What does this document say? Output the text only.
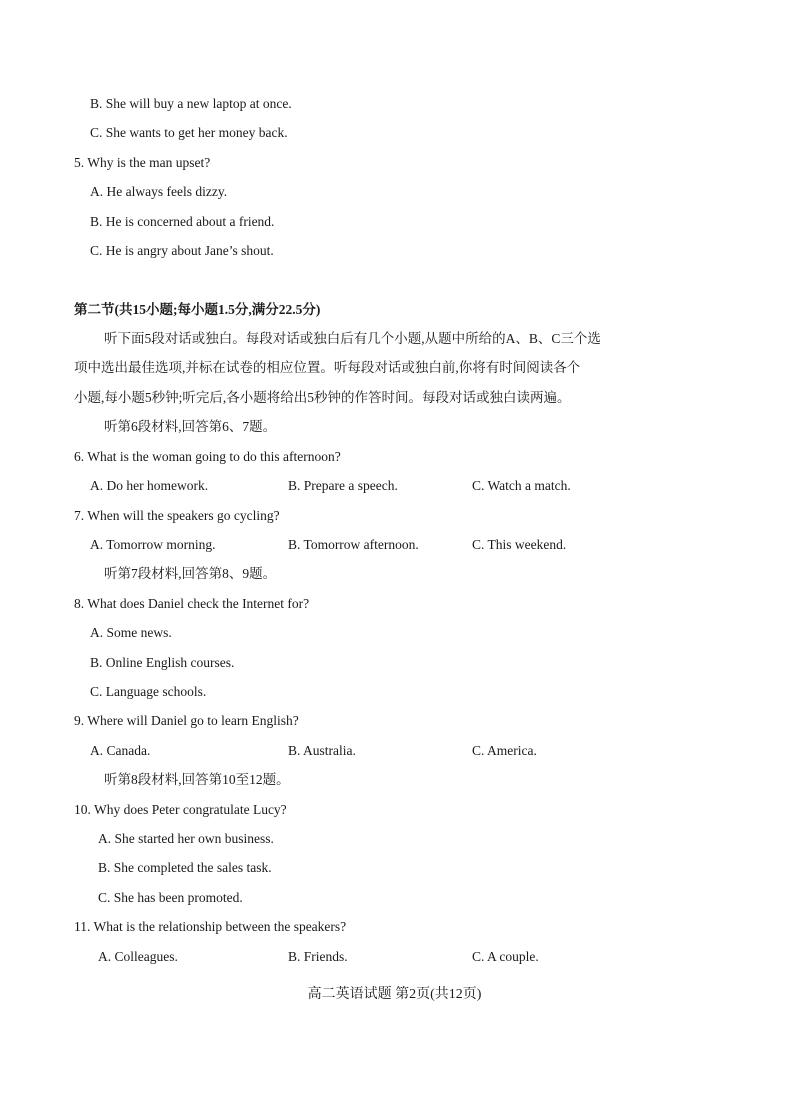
B. She will buy a new laptop at once.
C. She wants to get her money back.
5. Why is the man upset?
A. He always feels dizzy.
B. He is concerned about a friend.
C. He is angry about Jane’s shout.
第二节(共15小题;每小题1.5分,满分22.5分)
听下面5段对话或独白。每段对话或独白后有几个小题,从题中所给的A、B、C三个选
项中选出最佳选项,并标在试卷的相应位置。听每段对话或独白前,你将有时间阅读各个
小题,每小题5秒钟;听完后,各小题将给出5秒钟的作答时间。每段对话或独白读两遍。
听第6段材料,回答第6、7题。
6. What is the woman going to do this afternoon?
A. Do her homework.	B. Prepare a speech.	C. Watch a match.
7. When will the speakers go cycling?
A. Tomorrow morning.	B. Tomorrow afternoon.	C. This weekend.
听第7段材料,回答第8、9题。
8. What does Daniel check the Internet for?
A. Some news.
B. Online English courses.
C. Language schools.
9. Where will Daniel go to learn English?
A. Canada.	B. Australia.	C. America.
听第8段材料,回答第10至12题。
10. Why does Peter congratulate Lucy?
A. She started her own business.
B. She completed the sales task.
C. She has been promoted.
11. What is the relationship between the speakers?
A. Colleagues.	B. Friends.	C. A couple.
高二英语试题 第2页(共12页)
